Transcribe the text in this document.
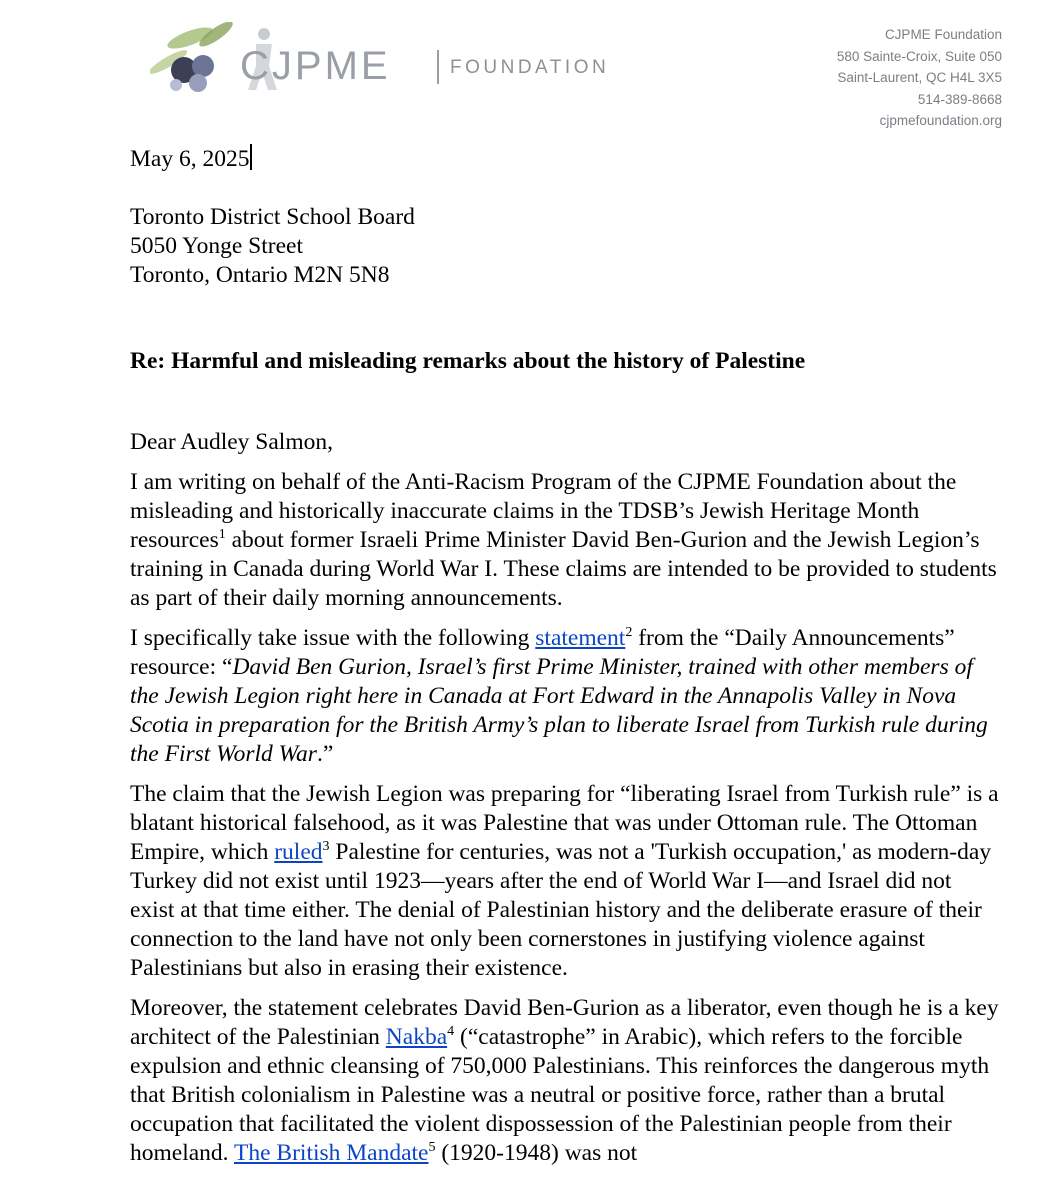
CJPME	FOUNDATION
CJPME Foundation
580 Sainte-Croix, Suite 050
Saint-Laurent, QC H4L 3X5
514-389-8668
cjpmefoundation.org
May 6, 2025
Toronto District School Board
5050 Yonge Street
Toronto, Ontario M2N 5N8
Re: Harmful and misleading remarks about the history of Palestine
Dear Audley Salmon,

I am writing on behalf of the Anti-Racism Program of the CJPME Foundation about the misleading and historically inaccurate claims in the TDSB’s Jewish Heritage Month resources$^1$ about former Israeli Prime Minister David Ben-Gurion and the Jewish Legion’s training in Canada during World War I. These claims are intended to be provided to students as part of their daily morning announcements.

I specifically take issue with the following statement$^2$ from the “Daily Announcements” resource: “David Ben Gurion, Israel’s first Prime Minister, trained with other members of the Jewish Legion right here in Canada at Fort Edward in the Annapolis Valley in Nova Scotia in preparation for the British Army’s plan to liberate Israel from Turkish rule during the First World War.”

The claim that the Jewish Legion was preparing for “liberating Israel from Turkish rule” is a blatant historical falsehood, as it was Palestine that was under Ottoman rule. The Ottoman Empire, which ruled$^3$ Palestine for centuries, was not a 'Turkish occupation,' as modern-day Turkey did not exist until 1923—years after the end of World War I—and Israel did not exist at that time either. The denial of Palestinian history and the deliberate erasure of their connection to the land have not only been cornerstones in justifying violence against Palestinians but also in erasing their existence.

Moreover, the statement celebrates David Ben-Gurion as a liberator, even though he is a key architect of the Palestinian Nakba$^4$ (“catastrophe” in Arabic), which refers to the forcible expulsion and ethnic cleansing of 750,000 Palestinians. This reinforces the dangerous myth that British colonialism in Palestine was a neutral or positive force, rather than a brutal occupation that facilitated the violent dispossession of the Palestinian people from their homeland. The British Mandate$^5$ (1920-1948) was not
